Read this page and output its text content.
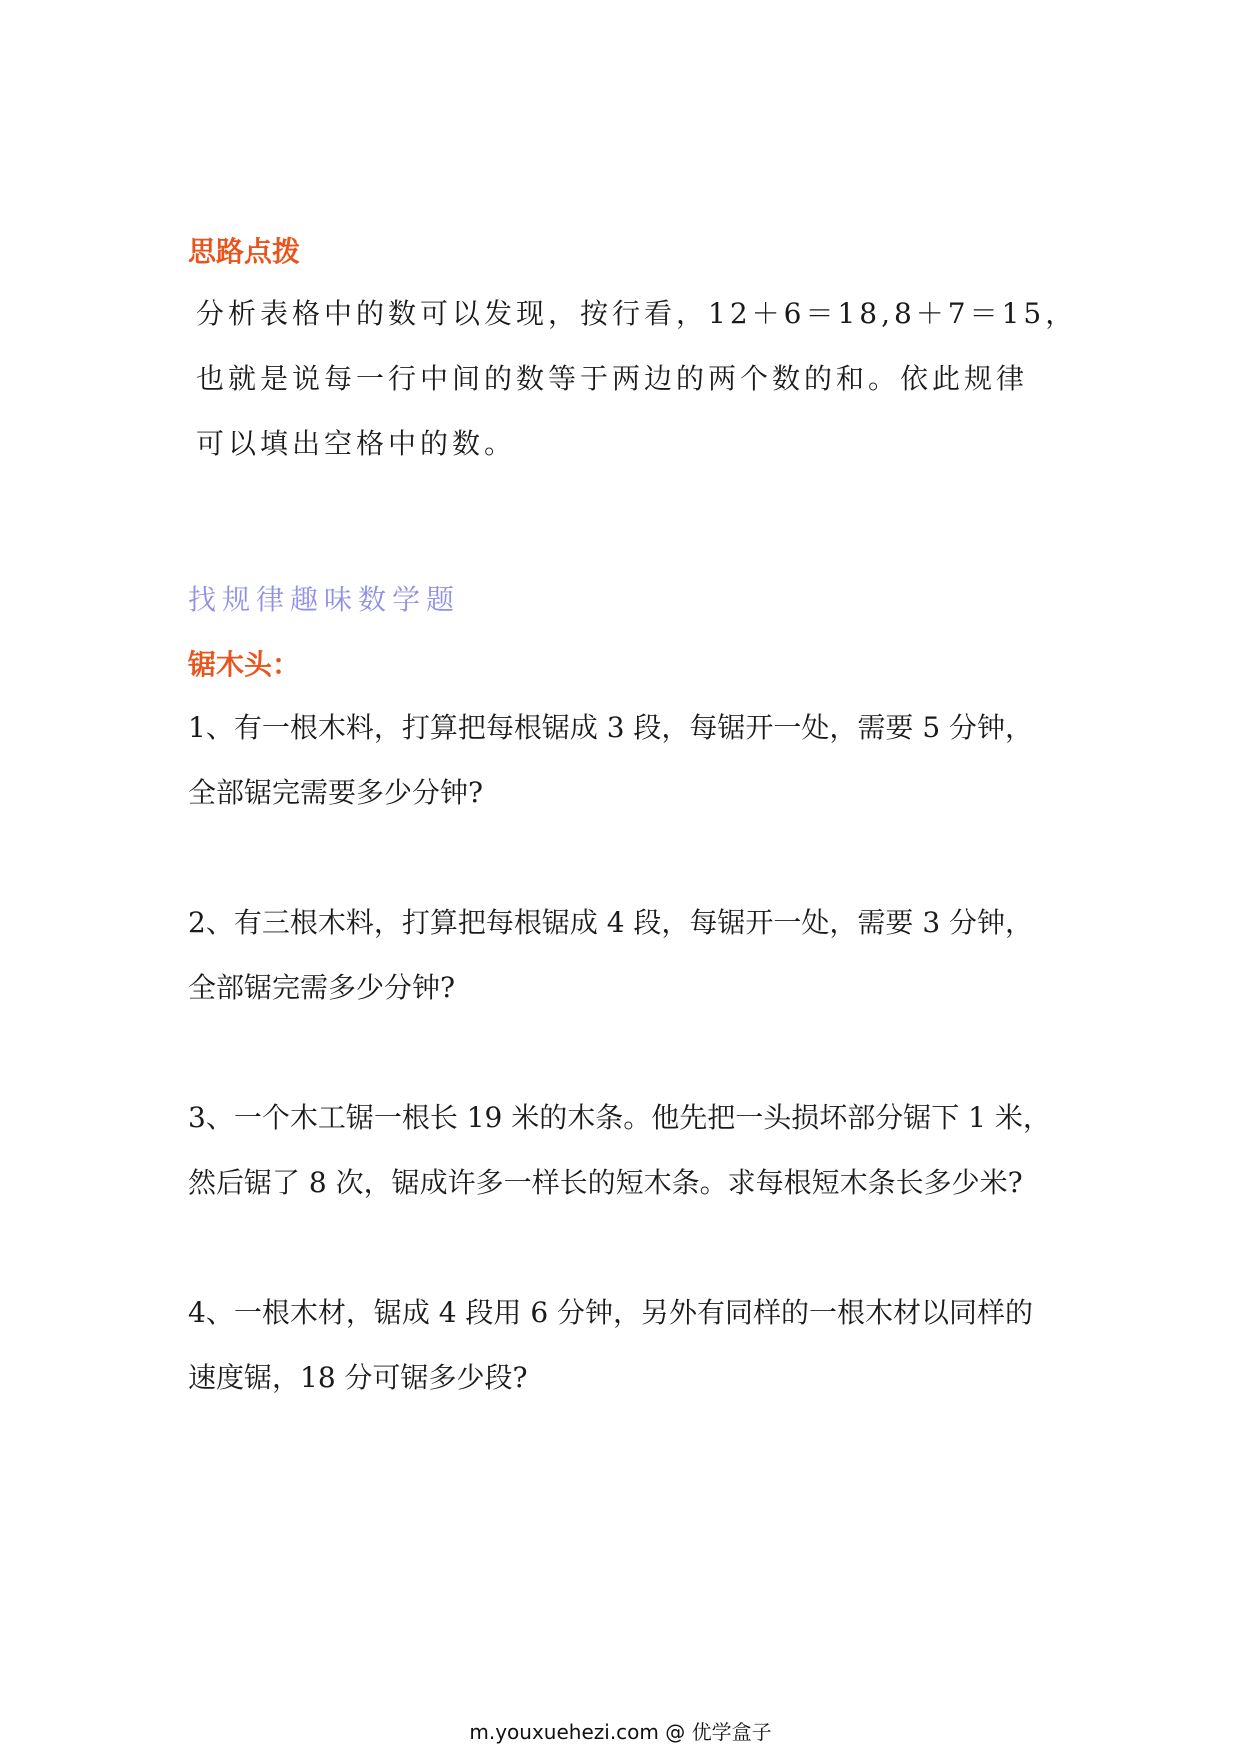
思路点拨
分析表格中的数可以发现，按行看，12＋6＝18,8＋7＝15，
也就是说每一行中间的数等于两边的两个数的和。依此规律
可以填出空格中的数。
找规律趣味数学题
锯木头：
1、有一根木料，打算把每根锯成 3 段，每锯开一处，需要 5 分钟，
全部锯完需要多少分钟?
2、有三根木料，打算把每根锯成 4 段，每锯开一处，需要 3 分钟，
全部锯完需多少分钟?
3、一个木工锯一根长 19 米的木条。他先把一头损坏部分锯下 1 米，
然后锯了 8 次，锯成许多一样长的短木条。求每根短木条长多少米?
4、一根木材，锯成 4 段用 6 分钟，另外有同样的一根木材以同样的
速度锯，18 分可锯多少段?
m.youxuehezi.com @ 优学盒子
